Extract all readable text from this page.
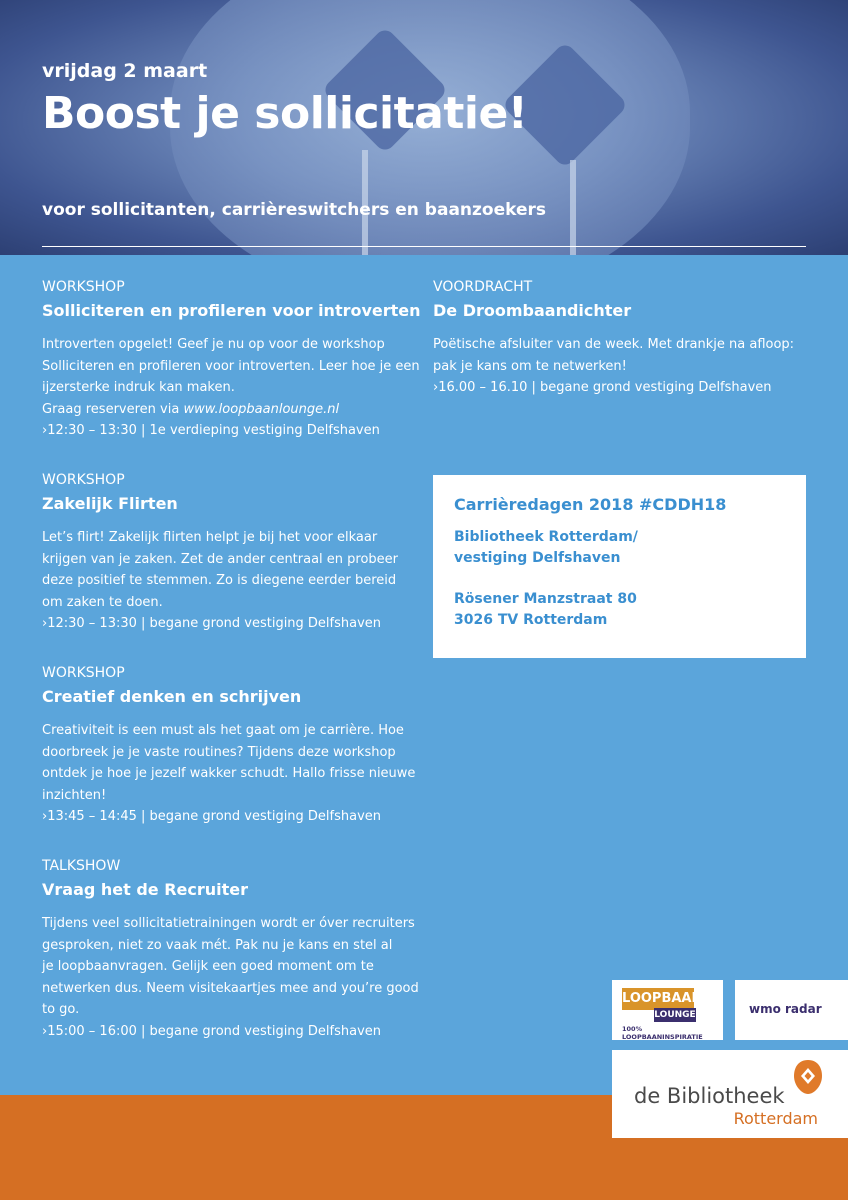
vrijdag 2 maart
Boost je sollicitatie!
voor sollicitanten, carrièreswitchers en baanzoekers
WORKSHOP
Solliciteren en profileren voor introverten

Introverten opgelet! Geef je nu op voor de workshop
Solliciteren en profileren voor introverten. Leer hoe je een
ijzersterke indruk kan maken.
Graag reserveren via www.loopbaanlounge.nl

›12:30 – 13:30 | 1e verdieping vestiging Delfshaven

WORKSHOP
Zakelijk Flirten

Let’s flirt! Zakelijk flirten helpt je bij het voor elkaar
krijgen van je zaken. Zet de ander centraal en probeer
deze positief te stemmen. Zo is diegene eerder bereid
om zaken te doen.

›12:30 – 13:30 | begane grond vestiging Delfshaven

WORKSHOP
Creatief denken en schrijven

Creativiteit is een must als het gaat om je carrière. Hoe
doorbreek je je vaste routines? Tijdens deze workshop
ontdek je hoe je jezelf wakker schudt. Hallo frisse nieuwe
inzichten!

›13:45 – 14:45 | begane grond vestiging Delfshaven

TALKSHOW
Vraag het de Recruiter

Tijdens veel sollicitatietrainingen wordt er óver recruiters
gesproken, niet zo vaak mét. Pak nu je kans en stel al
je loopbaanvragen. Gelijk een goed moment om te
netwerken dus. Neem visitekaartjes mee and you’re good
to go.

›15:00 – 16:00 | begane grond vestiging Delfshaven

VOORDRACHT
De Droombaandichter

Poëtische afsluiter van de week. Met drankje na afloop:
pak je kans om te netwerken!

›16.00 – 16.10 | begane grond vestiging Delfshaven

Carrièredagen 2018 #CDDH18

Bibliotheek Rotterdam/

vestiging Delfshaven

Rösener Manzstraat 80

3026 TV Rotterdam

LOOPBAAN
LOUNGE
100% LOOPBAANINSPIRATIE
wmo radar
de Bibliotheek
Rotterdam
